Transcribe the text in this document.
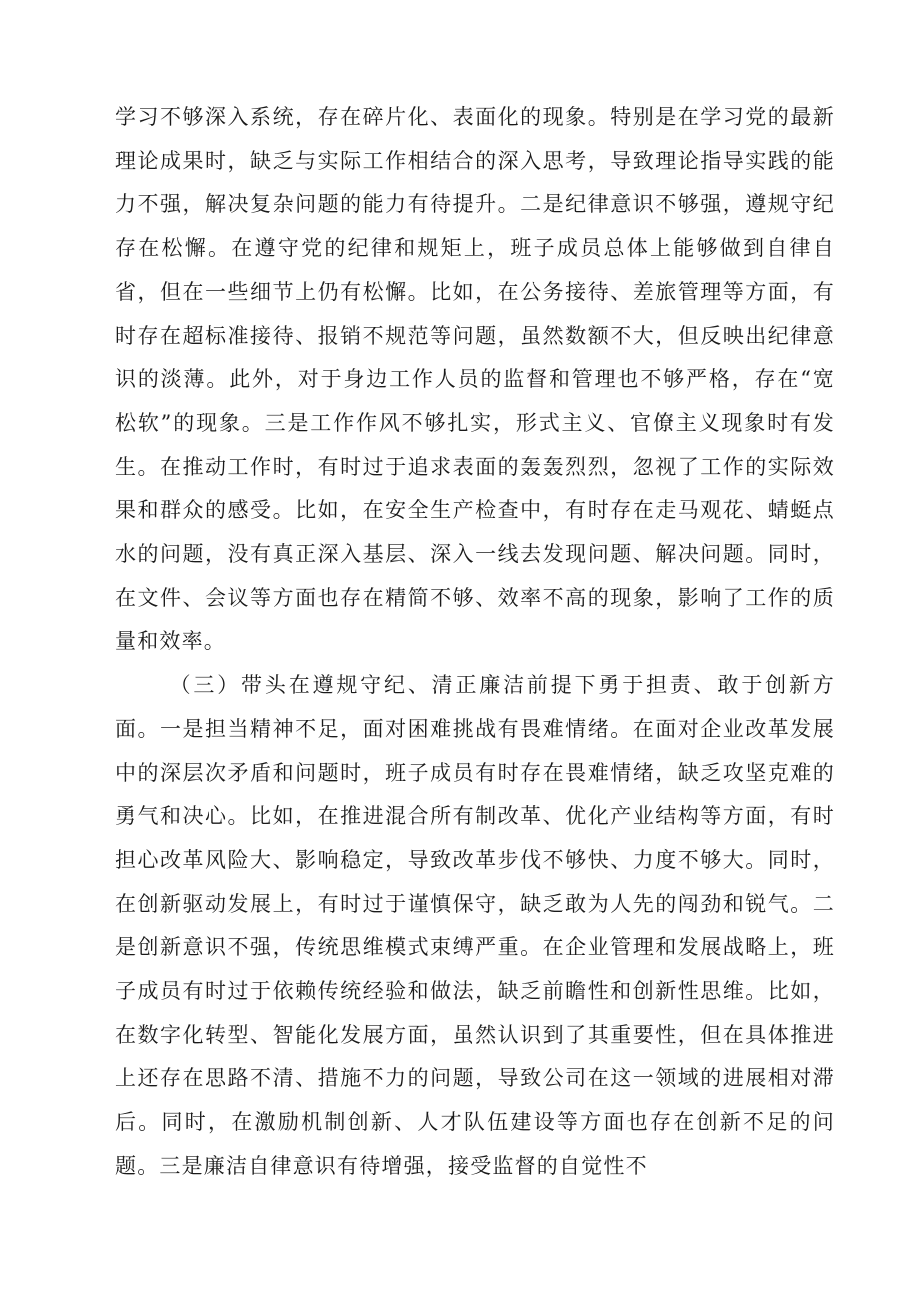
学习不够深入系统，存在碎片化、表面化的现象。特别是在学习党的最新理论成果时，缺乏与实际工作相结合的深入思考，导致理论指导实践的能力不强，解决复杂问题的能力有待提升。二是纪律意识不够强，遵规守纪存在松懈。在遵守党的纪律和规矩上，班子成员总体上能够做到自律自省，但在一些细节上仍有松懈。比如，在公务接待、差旅管理等方面，有时存在超标准接待、报销不规范等问题，虽然数额不大，但反映出纪律意识的淡薄。此外，对于身边工作人员的监督和管理也不够严格，存在“宽松软”的现象。三是工作作风不够扎实，形式主义、官僚主义现象时有发生。在推动工作时，有时过于追求表面的轰轰烈烈，忽视了工作的实际效果和群众的感受。比如，在安全生产检查中，有时存在走马观花、蜻蜓点水的问题，没有真正深入基层、深入一线去发现问题、解决问题。同时，在文件、会议等方面也存在精简不够、效率不高的现象，影响了工作的质量和效率。

（三）带头在遵规守纪、清正廉洁前提下勇于担责、敢于创新方面。一是担当精神不足，面对困难挑战有畏难情绪。在面对企业改革发展中的深层次矛盾和问题时，班子成员有时存在畏难情绪，缺乏攻坚克难的勇气和决心。比如，在推进混合所有制改革、优化产业结构等方面，有时担心改革风险大、影响稳定，导致改革步伐不够快、力度不够大。同时，在创新驱动发展上，有时过于谨慎保守，缺乏敢为人先的闯劲和锐气。二是创新意识不强，传统思维模式束缚严重。在企业管理和发展战略上，班子成员有时过于依赖传统经验和做法，缺乏前瞻性和创新性思维。比如，在数字化转型、智能化发展方面，虽然认识到了其重要性，但在具体推进上还存在思路不清、措施不力的问题，导致公司在这一领域的进展相对滞后。同时，在激励机制创新、人才队伍建设等方面也存在创新不足的问题。三是廉洁自律意识有待增强，接受监督的自觉性不
